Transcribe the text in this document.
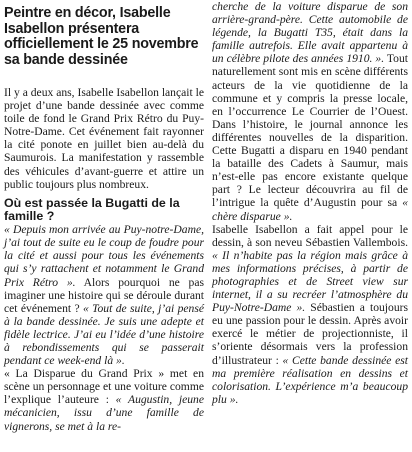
Peintre en décor, Isabelle Isabellon présentera officiellement le 25 novembre sa bande dessinée

Il y a deux ans, Isabelle Isabellon lançait le projet d’une bande dessinée avec comme toile de fond le Grand Prix Rétro du Puy-Notre-Dame. Cet événement fait rayonner la cité ponote en juillet bien au-delà du Saumurois. La manifestation y rassemble des véhicules d’avant-guerre et attire un public toujours plus nombreux.

Où est passée la Bugatti de la famille ?

« Depuis mon arrivée au Puy-notre-Dame, j’ai tout de suite eu le coup de foudre pour la cité et aussi pour tous les événements qui s’y rattachent et notamment le Grand Prix Rétro ». Alors pourquoi ne pas imaginer une histoire qui se déroule durant cet événement ? « Tout de suite, j’ai pensé à la bande dessinée. Je suis une adepte et fidèle lectrice. J’ai eu l’idée d’une histoire à rebondissements qui se passerait pendant ce week-end là ».

« La Disparue du Grand Prix » met en scène un personnage et une voiture comme l’explique l’auteure : « Augustin, jeune mécanicien, issu d’une famille de vignerons, se met à la re-

cherche de la voiture disparue de son arrière-grand-père. Cette automobile de légende, la Bugatti T35, était dans la famille autrefois. Elle avait appartenu à un célèbre pilote des années 1910. ». Tout naturellement sont mis en scène différents acteurs de la vie quotidienne de la commune et y compris la presse locale, en l’occurrence Le Courrier de l’Ouest. Dans l’histoire, le journal annonce les différentes nouvelles de la disparition. Cette Bugatti a disparu en 1940 pendant la bataille des Cadets à Saumur, mais n’est-elle pas encore existante quelque part ? Le lecteur découvrira au fil de l’intrigue la quête d’Augustin pour sa « chère disparue ».

Isabelle Isabellon a fait appel pour le dessin, à son neveu Sébastien Vallembois. « Il n’habite pas la région mais grâce à mes informations précises, à partir de photographies et de Street view sur internet, il a su recréer l’atmosphère du Puy-Notre-Dame ». Sébastien a toujours eu une passion pour le dessin. Après avoir exercé le métier de projectionniste, il s’oriente désormais vers la profession d’illustrateur : « Cette bande dessinée est ma première réalisation en dessins et colorisation. L’expérience m’a beaucoup plu ».
